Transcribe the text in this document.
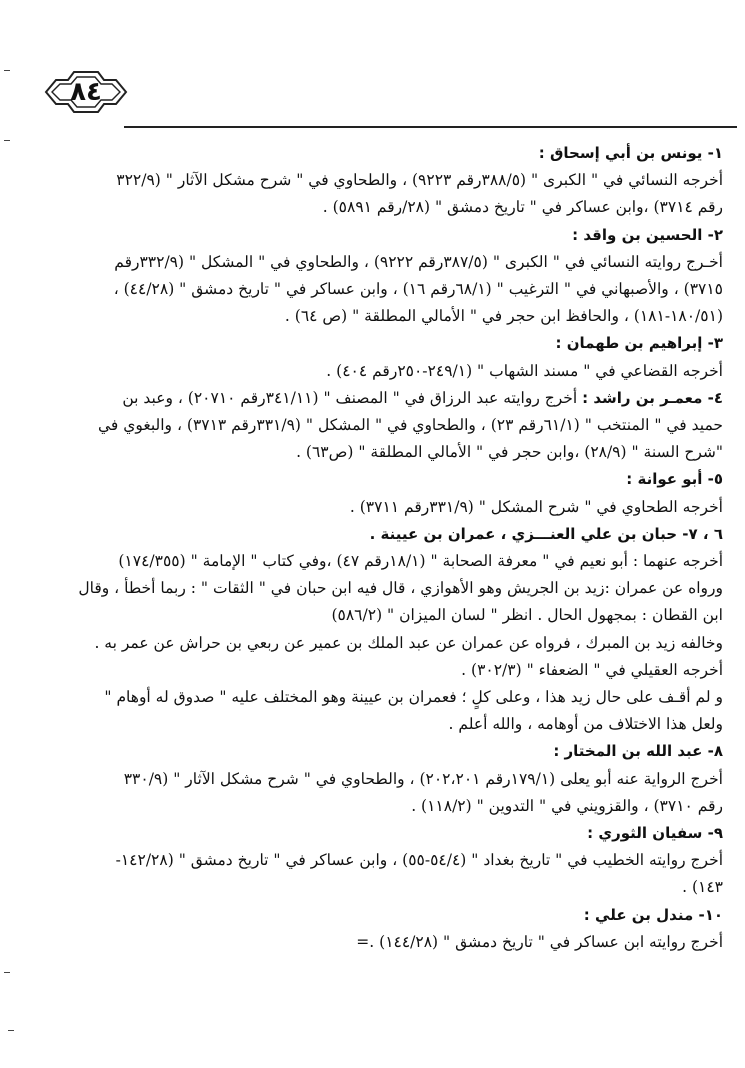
٨٤
١- يونس بن أبي إسحاق :
أخرجه النسائي في " الكبرى " (٣٨٨/٥رقم ٩٢٢٣) ، والطحاوي في " شرح مشكل الآثار " (٣٢٢/٩
رقم ٣٧١٤) ،وابن عساكر في " تاريخ دمشق " (٢٨/رقم ٥٨٩١) .
٢- الحسين بن واقد :
أخـرج روايته النسائي في " الكبرى " (٣٨٧/٥رقم ٩٢٢٢) ، والطحاوي في " المشكل " (٣٣٢/٩رقم
٣٧١٥) ، والأصبهاني في " الترغيب " (٦٨/١رقم ١٦) ، وابن عساكر في " تاريخ دمشق " (٤٤/٢٨) ،
(١٨٠/٥١-١٨١) ، والحافظ ابن حجر في " الأمالي المطلقة " (ص ٦٤) .
٣- إبراهيم بن طهمان :
أخرجه القضاعي في " مسند الشهاب " (٢٤٩/١-٢٥٠رقم ٤٠٤) .
٤- معمـر بن راشد : أخرج روايته عبد الرزاق في " المصنف " (٣٤١/١١رقم ٢٠٧١٠) ، وعبد بن
حميد في " المنتخب " (٦١/١رقم ٢٣) ، والطحاوي في " المشكل " (٣٣١/٩رقم ٣٧١٣) ، والبغوي في
"شرح السنة " (٢٨/٩) ،وابن حجر في " الأمالي المطلقة " (ص٦٣) .
٥- أبو عوانة :
أخرجه الطحاوي في " شرح المشكل " (٣٣١/٩رقم ٣٧١١) .
٦ ، ٧- حبان بن علي العنـــزي ، عمران بن عيينة .
أخرجه عنهما : أبو نعيم في " معرفة الصحابة " (١٨/١رقم ٤٧) ،وفي كتاب " الإمامة " (١٧٤/٣٥٥)
ورواه عن عمران :زيد بن الجريش وهو الأهوازي ، قال فيه ابن حبان في " الثقات " : ربما أخطأ ، وقال
ابن القطان : بمجهول الحال . انظر " لسان الميزان " (٥٨٦/٢)
وخالفه زيد بن المبرك ، فرواه عن عمران عن عبد الملك بن عمير عن ربعي بن حراش عن عمر به .
أخرجه العقيلي في " الضعفاء " (٣٠٢/٣) .
و لم أقـف على حال زيد هذا ، وعلى كلٍ ؛ فعمران بن عيينة وهو المختلف عليه " صدوق له أوهام "
ولعل هذا الاختلاف من أوهامه ، والله أعلم .
٨- عبد الله بن المختار :
أخرج الرواية عنه أبو يعلى (١٧٩/١رقم ٢٠٢،٢٠١) ، والطحاوي في " شرح مشكل الآثار " (٣٣٠/٩
رقم ٣٧١٠) ، والقزويني في " التدوين " (١١٨/٢) .
٩- سفيان الثوري :
أخرج روايته الخطيب في " تاريخ بغداد " (٥٤/٤-٥٥) ، وابن عساكر في " تاريخ دمشق " (١٤٢/٢٨-
١٤٣) .
١٠- مندل بن علي :
أخرج روايته ابن عساكر في " تاريخ دمشق " (١٤٤/٢٨) .=
